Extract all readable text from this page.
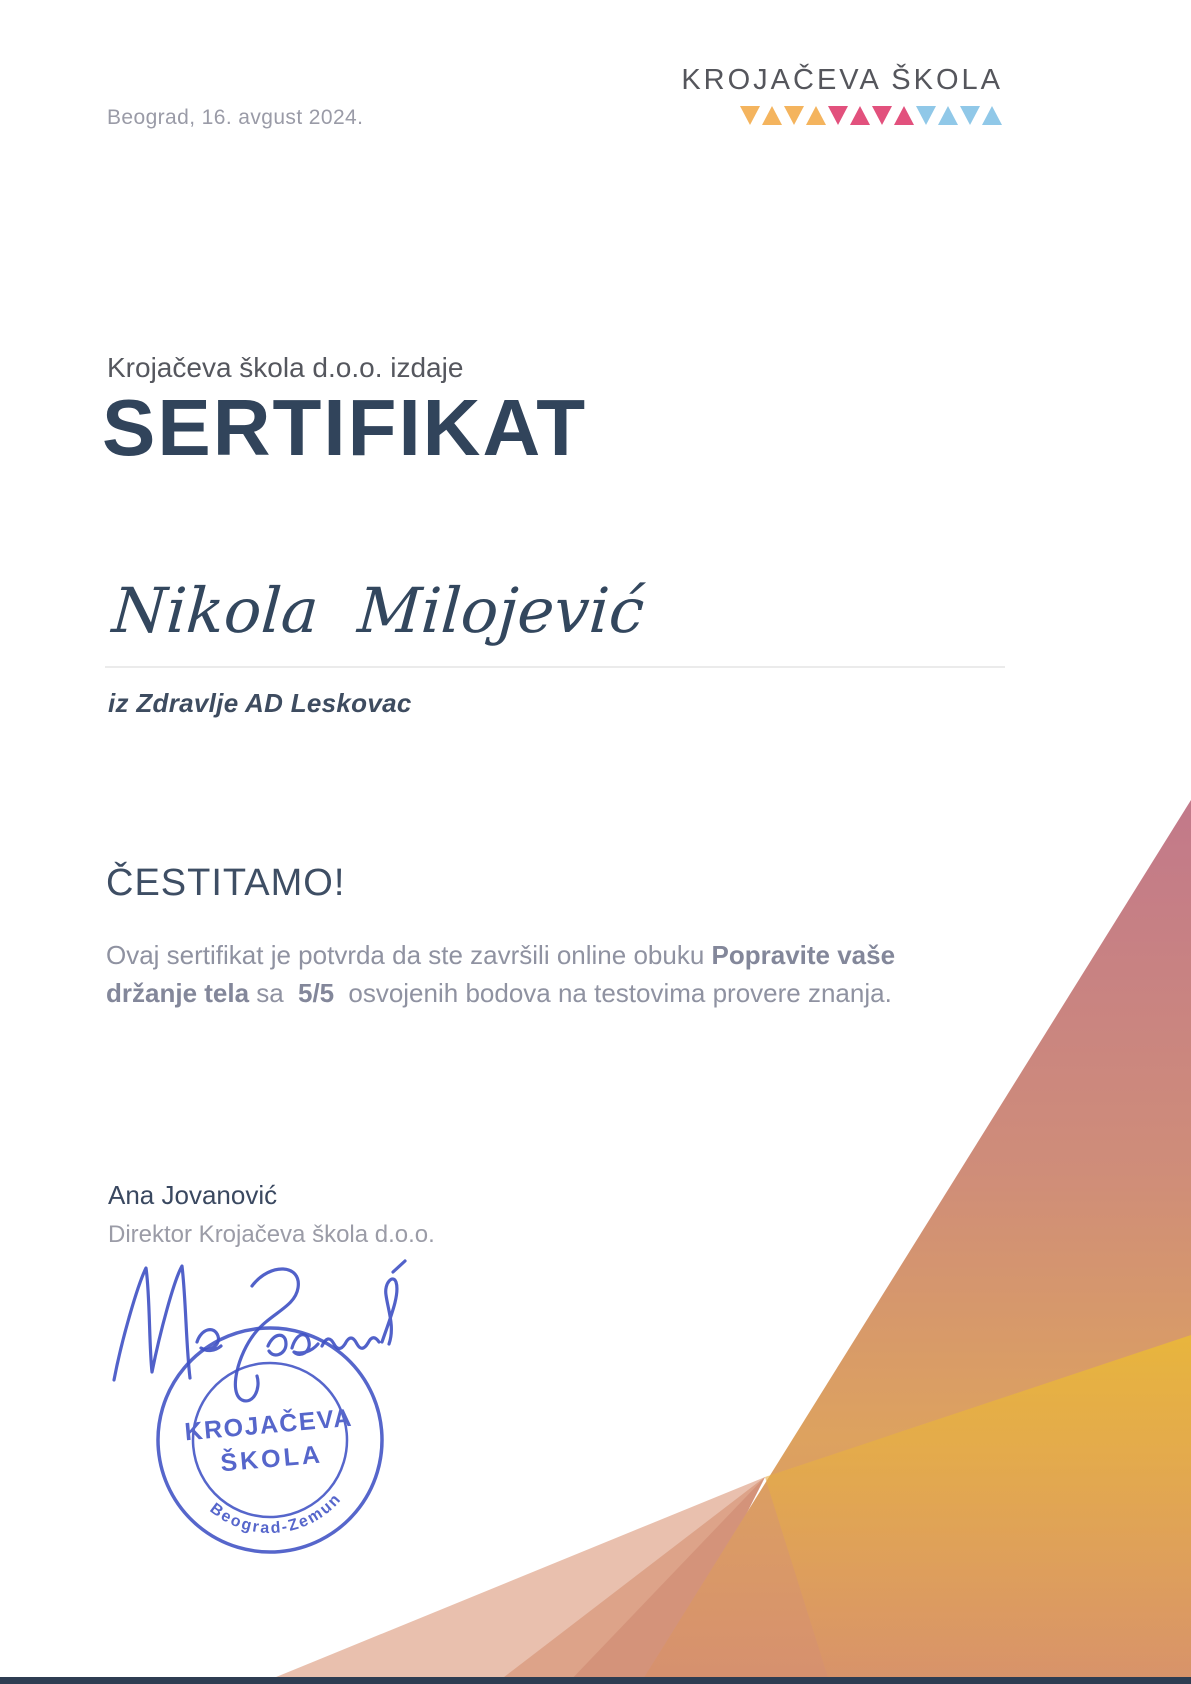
Beograd, 16. avgust 2024.
KROJAČEVA ŠKOLA
Krojačeva škola d.o.o. izdaje
SERTIFIKAT
Nikola Milojević
iz Zdravlje AD Leskovac
ČESTITAMO!
Ovaj sertifikat je potvrda da ste završili online obuku Popravite vaše držanje tela sa 5/5 osvojenih bodova na testovima provere znanja.
Ana Jovanović
Direktor Krojačeva škola d.o.o.
KROJAČEVA
ŠKOLA
Beograd-Zemun
